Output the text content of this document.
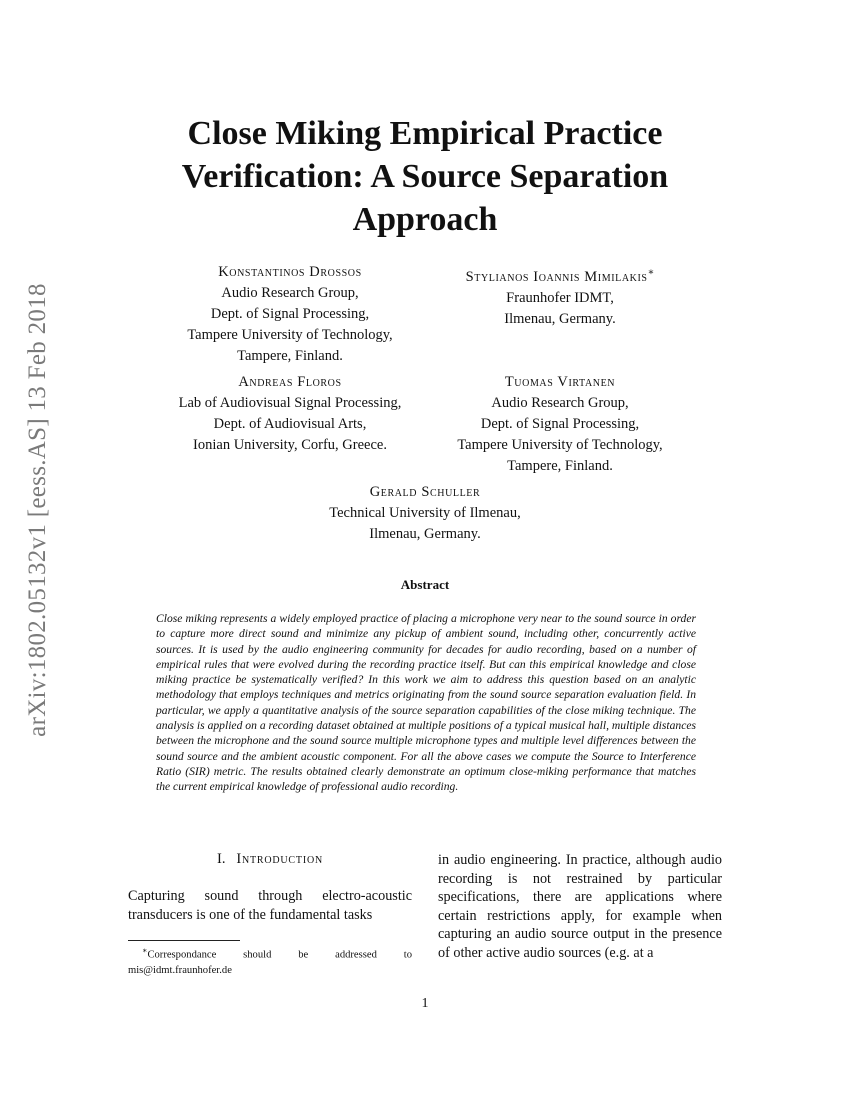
arXiv:1802.05132v1 [eess.AS] 13 Feb 2018
Close Miking Empirical Practice
Verification: A Source Separation
Approach
Konstantinos Drossos
Audio Research Group,
Dept. of Signal Processing,
Tampere University of Technology,
Tampere, Finland.
Stylianos Ioannis Mimilakis∗
Fraunhofer IDMT,
Ilmenau, Germany.
Andreas Floros
Lab of Audiovisual Signal Processing,
Dept. of Audiovisual Arts,
Ionian University, Corfu, Greece.
Tuomas Virtanen
Audio Research Group,
Dept. of Signal Processing,
Tampere University of Technology,
Tampere, Finland.
Gerald Schuller
Technical University of Ilmenau,
Ilmenau, Germany.
Abstract
Close miking represents a widely employed practice of placing a microphone very near to the sound source in order to capture more direct sound and minimize any pickup of ambient sound, including other, concurrently active sources. It is used by the audio engineering community for decades for audio recording, based on a number of empirical rules that were evolved during the recording practice itself. But can this empirical knowledge and close miking practice be systematically verified? In this work we aim to address this question based on an analytic methodology that employs techniques and metrics originating from the sound source separation evaluation field. In particular, we apply a quantitative analysis of the source separation capabilities of the close miking technique. The analysis is applied on a recording dataset obtained at multiple positions of a typical musical hall, multiple distances between the microphone and the sound source multiple microphone types and multiple level differences between the sound source and the ambient acoustic component. For all the above cases we compute the Source to Interference Ratio (SIR) metric. The results obtained clearly demonstrate an optimum close-miking performance that matches the current empirical knowledge of professional audio recording.
I. Introduction
Capturing sound through electro-acoustic transducers is one of the fundamental tasks
∗Correspondance should be addressed to
mis@idmt.fraunhofer.de
in audio engineering. In practice, although audio recording is not restrained by particular specifications, there are applications where certain restrictions apply, for example when capturing an audio source output in the presence of other active audio sources (e.g. at a
1
